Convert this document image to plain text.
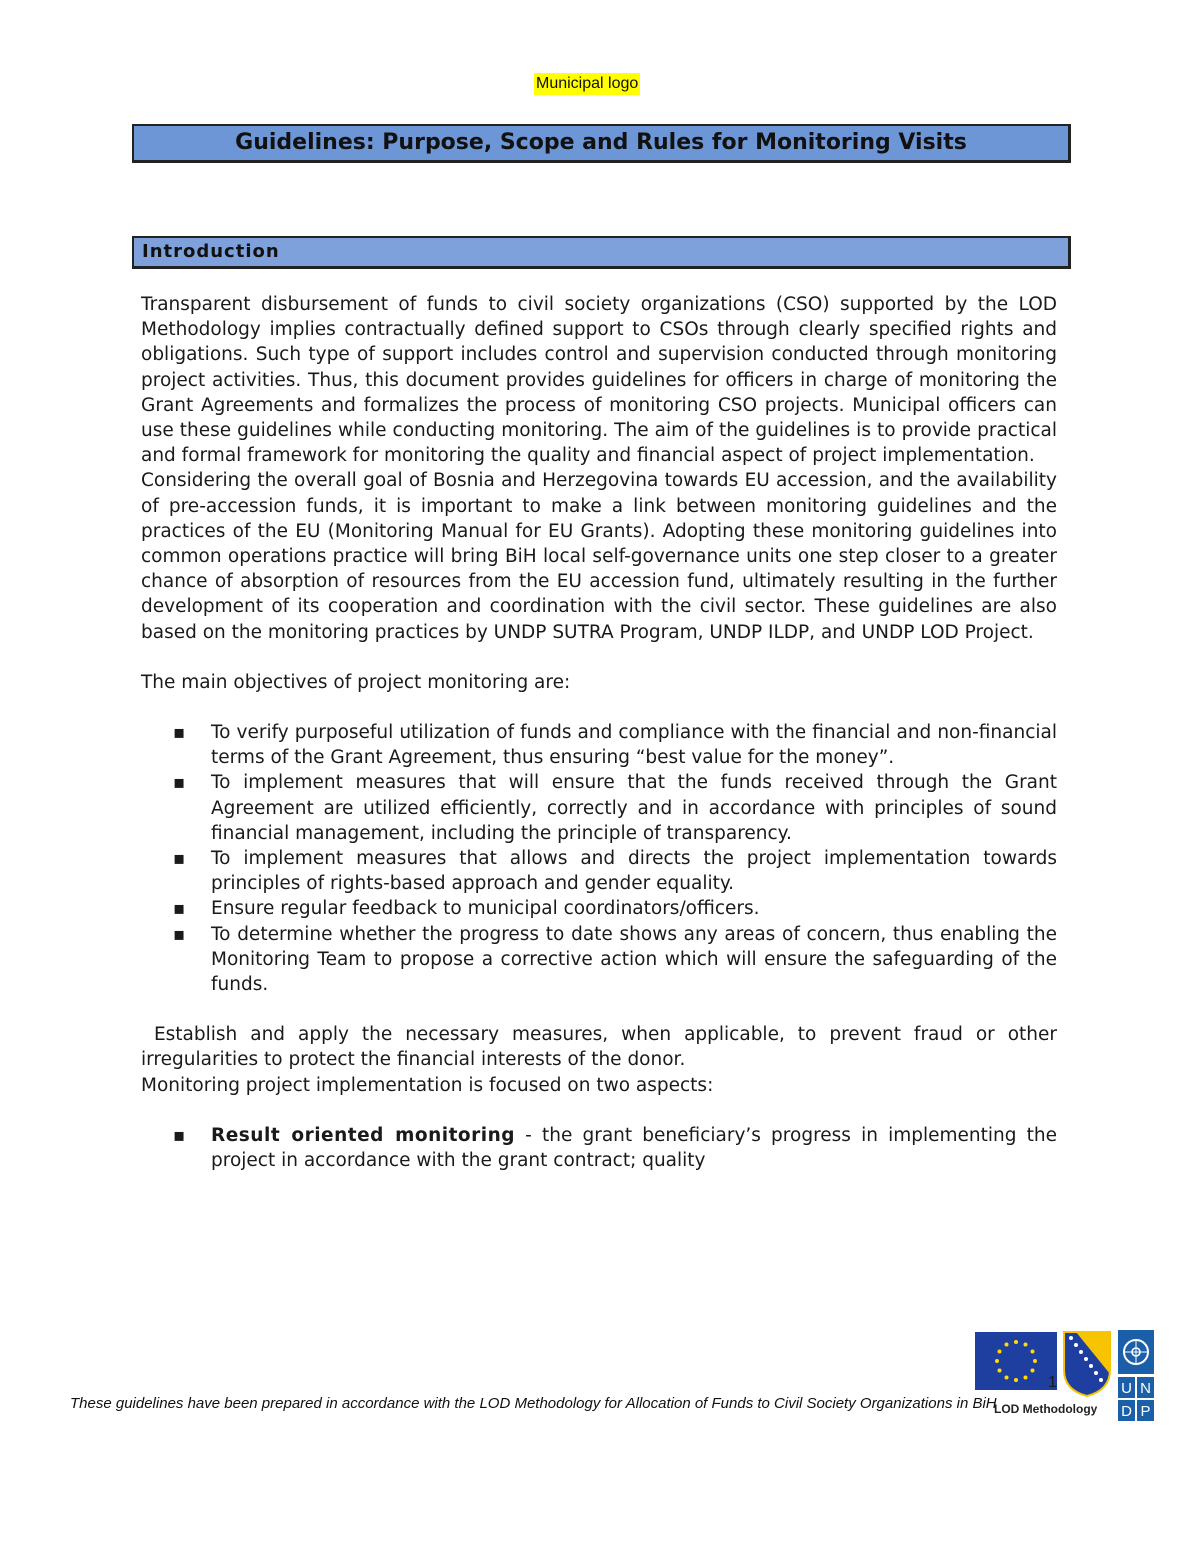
Municipal logo
Guidelines: Purpose, Scope and Rules for Monitoring Visits
Introduction

Transparent disbursement of funds to civil society organizations (CSO) supported by the LOD Methodology implies contractually defined support to CSOs through clearly specified rights and obligations. Such type of support includes control and supervision conducted through monitoring project activities. Thus, this document provides guidelines for officers in charge of monitoring the Grant Agreements and formalizes the process of monitoring CSO projects. Municipal officers can use these guidelines while conducting monitoring. The aim of the guidelines is to provide practical and formal framework for monitoring the quality and financial aspect of project implementation.

Considering the overall goal of Bosnia and Herzegovina towards EU accession, and the availability of pre-accession funds, it is important to make a link between monitoring guidelines and the practices of the EU (Monitoring Manual for EU Grants). Adopting these monitoring guidelines into common operations practice will bring BiH local self-governance units one step closer to a greater chance of absorption of resources from the EU accession fund, ultimately resulting in the further development of its cooperation and coordination with the civil sector. These guidelines are also based on the monitoring practices by UNDP SUTRA Program, UNDP ILDP, and UNDP LOD Project.

The main objectives of project monitoring are:

▪ To verify purposeful utilization of funds and compliance with the financial and non-financial terms of the Grant Agreement, thus ensuring “best value for the money”.
▪ To implement measures that will ensure that the funds received through the Grant Agreement are utilized efficiently, correctly and in accordance with principles of sound financial management, including the principle of transparency.
▪ To implement measures that allows and directs the project implementation towards principles of rights-based approach and gender equality.
▪ Ensure regular feedback to municipal coordinators/officers.
▪ To determine whether the progress to date shows any areas of concern, thus enabling the Monitoring Team to propose a corrective action which will ensure the safeguarding of the funds.

Establish and apply the necessary measures, when applicable, to prevent fraud or other irregularities to protect the financial interests of the donor.

Monitoring project implementation is focused on two aspects:

▪ Result oriented monitoring - the grant beneficiary’s progress in implementing the project in accordance with the grant contract; quality
U N
D P
1
LOD Methodology
These guidelines have been prepared in accordance with the LOD Methodology for Allocation of Funds to Civil Society Organizations in BiH
